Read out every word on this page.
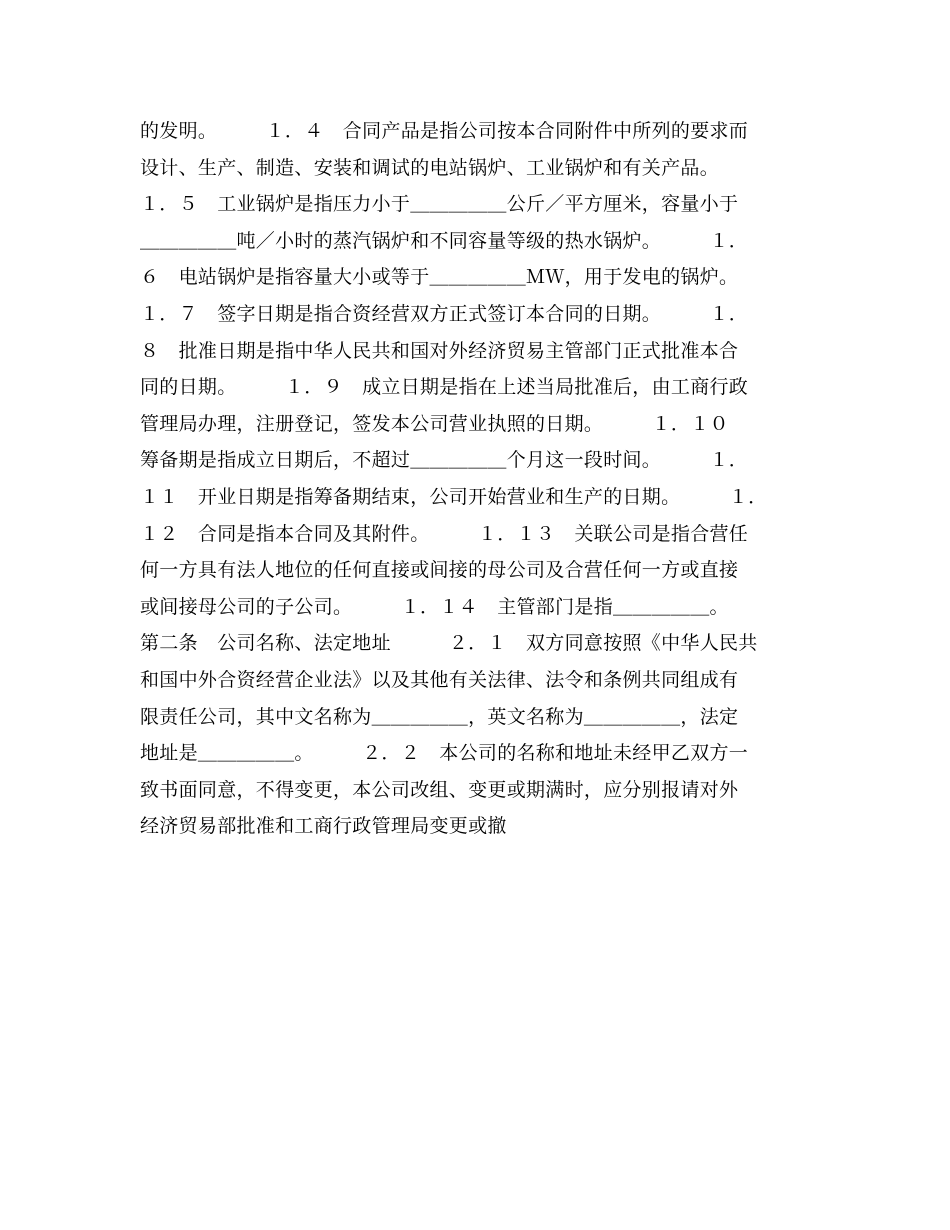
的发明。　　　１．４　合同产品是指公司按本合同附件中所列的要求而
设计、生产、制造、安装和调试的电站锅炉、工业锅炉和有关产品。
１．５　工业锅炉是指压力小于＿＿＿＿＿公斤／平方厘米，容量小于
＿＿＿＿＿吨／小时的蒸汽锅炉和不同容量等级的热水锅炉。　　　１．
６　电站锅炉是指容量大小或等于＿＿＿＿＿ＭＷ，用于发电的锅炉。
１．７　签字日期是指合资经营双方正式签订本合同的日期。　　　１．
８　批准日期是指中华人民共和国对外经济贸易主管部门正式批准本合
同的日期。　　　１．９　成立日期是指在上述当局批准后，由工商行政
管理局办理，注册登记，签发本公司营业执照的日期。　　　１．１０
筹备期是指成立日期后，不超过＿＿＿＿＿个月这一段时间。　　　１．
１１　开业日期是指筹备期结束，公司开始营业和生产的日期。　　　１．
１２　合同是指本合同及其附件。　　　１．１３　关联公司是指合营任
何一方具有法人地位的任何直接或间接的母公司及合营任何一方或直接
或间接母公司的子公司。　　　１．１４　主管部门是指＿＿＿＿＿。
第二条　公司名称、法定地址　　　２．１　双方同意按照《中华人民共
和国中外合资经营企业法》以及其他有关法律、法令和条例共同组成有
限责任公司，其中文名称为＿＿＿＿＿，英文名称为＿＿＿＿＿，法定
地址是＿＿＿＿＿。　　　２．２　本公司的名称和地址未经甲乙双方一
致书面同意，不得变更，本公司改组、变更或期满时，应分别报请对外
经济贸易部批准和工商行政管理局变更或撤
